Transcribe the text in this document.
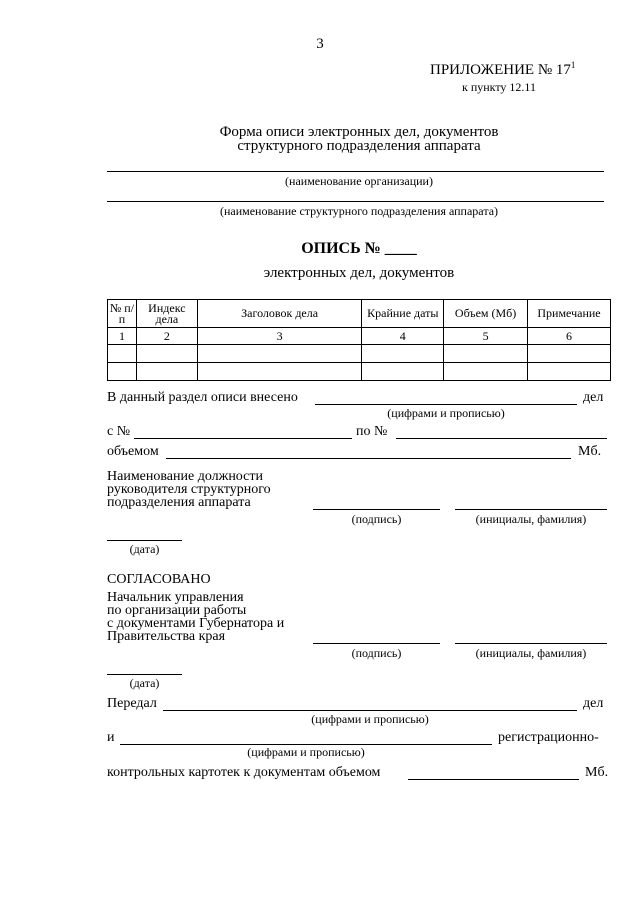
3
ПРИЛОЖЕНИЕ № $17^1$
к пункту 12.11
Форма описи электронных дел, документов
структурного подразделения аппарата
(наименование организации)
(наименование структурного подразделения аппарата)
ОПИСЬ № ____
электронных дел, документов
№ п/п	Индекс дела	Заголовок дела	Крайние даты	Объем (Мб)	Примечание
1	2	3	4	5	6

В данный раздел описи внесено	дел
(цифрами и прописью)
с №	по №
объемом	Мб.
Наименование должности
руководителя структурного
подразделения аппарата
(подпись)	(инициалы, фамилия)
(дата)
СОГЛАСОВАНО
Начальник управления
по организации работы
с документами Губернатора и
Правительства края
(подпись)	(инициалы, фамилия)
(дата)
Передал	дел
(цифрами и прописью)
и	регистрационно-
(цифрами и прописью)
контрольных картотек к документам объемом	Мб.
